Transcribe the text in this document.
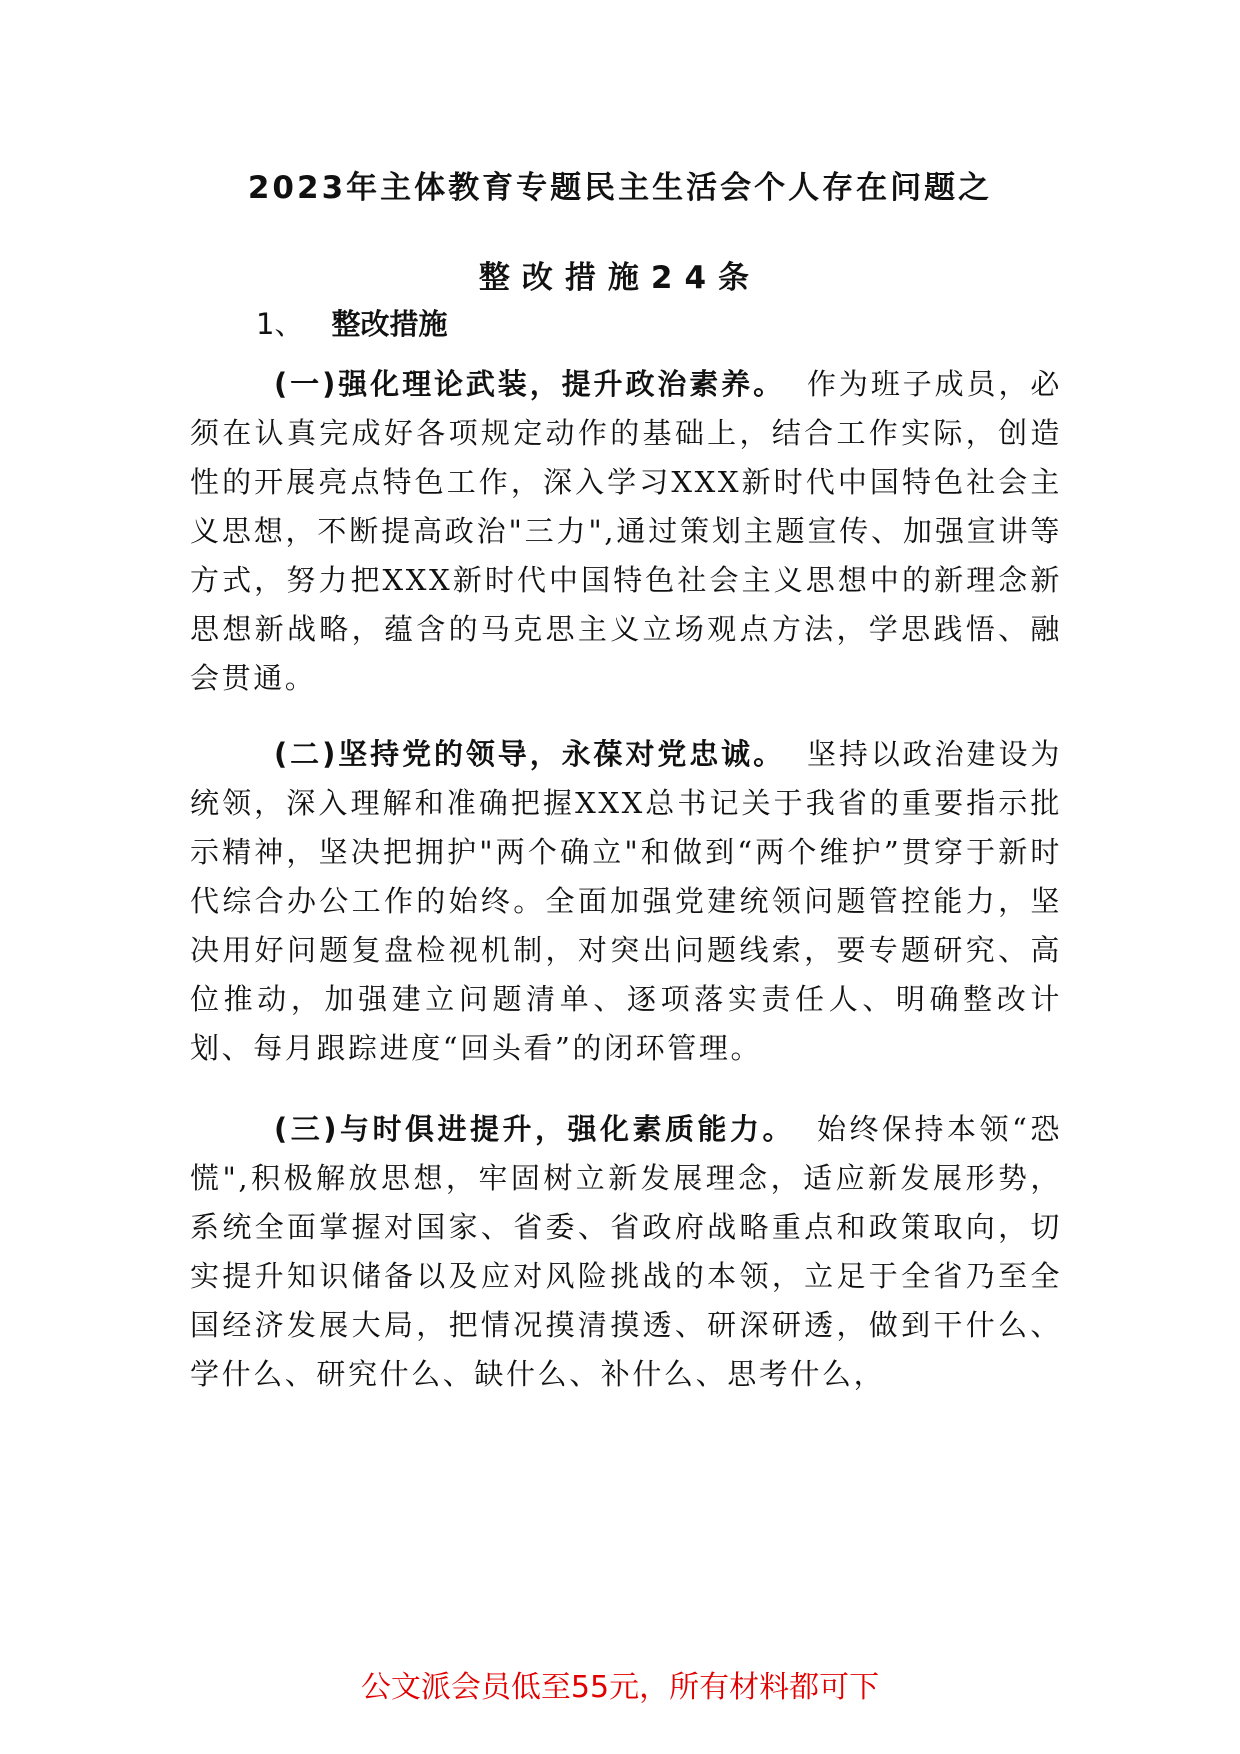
2023年主体教育专题民主生活会个人存在问题之
整改措施24条
1、 整改措施

(一)强化理论武装，提升政治素养。 作为班子成员，必须在认真完成好各项规定动作的基础上，结合工作实际，创造性的开展亮点特色工作，深入学习XXX新时代中国特色社会主义思想，不断提高政治"三力",通过策划主题宣传、加强宣讲等方式，努力把XXX新时代中国特色社会主义思想中的新理念新思想新战略，蕴含的马克思主义立场观点方法，学思践悟、融会贯通。

(二)坚持党的领导，永葆对党忠诚。 坚持以政治建设为统领，深入理解和准确把握XXX总书记关于我省的重要指示批示精神，坚决把拥护"两个确立"和做到“两个维护”贯穿于新时代综合办公工作的始终。全面加强党建统领问题管控能力，坚决用好问题复盘检视机制，对突出问题线索，要专题研究、高位推动，加强建立问题清单、逐项落实责任人、明确整改计划、每月跟踪进度“回头看”的闭环管理。

(三)与时俱进提升，强化素质能力。 始终保持本领“恐慌",积极解放思想，牢固树立新发展理念，适应新发展形势，系统全面掌握对国家、省委、省政府战略重点和政策取向，切实提升知识储备以及应对风险挑战的本领，立足于全省乃至全国经济发展大局，把情况摸清摸透、研深研透，做到干什么、学什么、研究什么、缺什么、补什么、思考什么，

公文派会员低至55元，所有材料都可下
